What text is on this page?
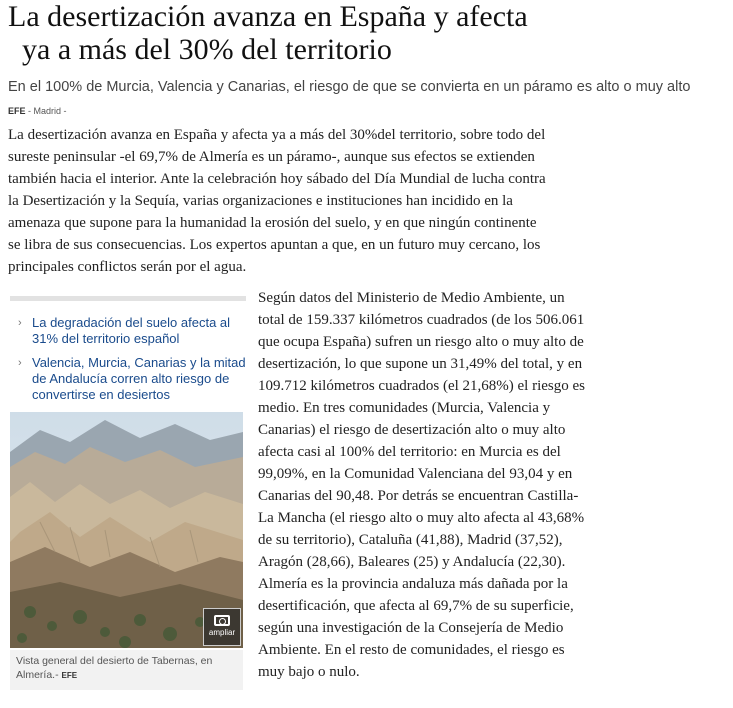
La desertización avanza en España y afecta
ya a más del 30% del territorio
En el 100% de Murcia, Valencia y Canarias, el riesgo de que se convierta en un páramo es alto o muy alto
EFE - Madrid -

La desertización avanza en España y afecta ya a más del 30%del territorio, sobre todo del sureste peninsular -el 69,7% de Almería es un páramo-, aunque sus efectos se extienden también hacia el interior. Ante la celebración hoy sábado del Día Mundial de lucha contra la Desertización y la Sequía, varias organizaciones e instituciones han incidido en la amenaza que supone para la humanidad la erosión del suelo, y en que ningún continente se libra de sus consecuencias. Los expertos apuntan a que, en un futuro muy cercano, los principales conflictos serán por el agua.

› La degradación del suelo afecta al 31% del territorio español
› Valencia, Murcia, Canarias y la mitad de Andalucía corren alto riesgo de convertirse en desiertos
ampliar
Vista general del desierto de Tabernas, en Almería.- EFE

Según datos del Ministerio de Medio Ambiente, un total de 159.337 kilómetros cuadrados (de los 506.061 que ocupa España) sufren un riesgo alto o muy alto de desertización, lo que supone un 31,49% del total, y en 109.712 kilómetros cuadrados (el 21,68%) el riesgo es medio. En tres comunidades (Murcia, Valencia y Canarias) el riesgo de desertización alto o muy alto afecta casi al 100% del territorio: en Murcia es del 99,09%, en la Comunidad Valenciana del 93,04 y en Canarias del 90,48. Por detrás se encuentran Castilla-La Mancha (el riesgo alto o muy alto afecta al 43,68% de su territorio), Cataluña (41,88), Madrid (37,52), Aragón (28,66), Baleares (25) y Andalucía (22,30). Almería es la provincia andaluza más dañada por la desertificación, que afecta al 69,7% de su superficie, según una investigación de la Consejería de Medio Ambiente. En el resto de comunidades, el riesgo es muy bajo o nulo.
